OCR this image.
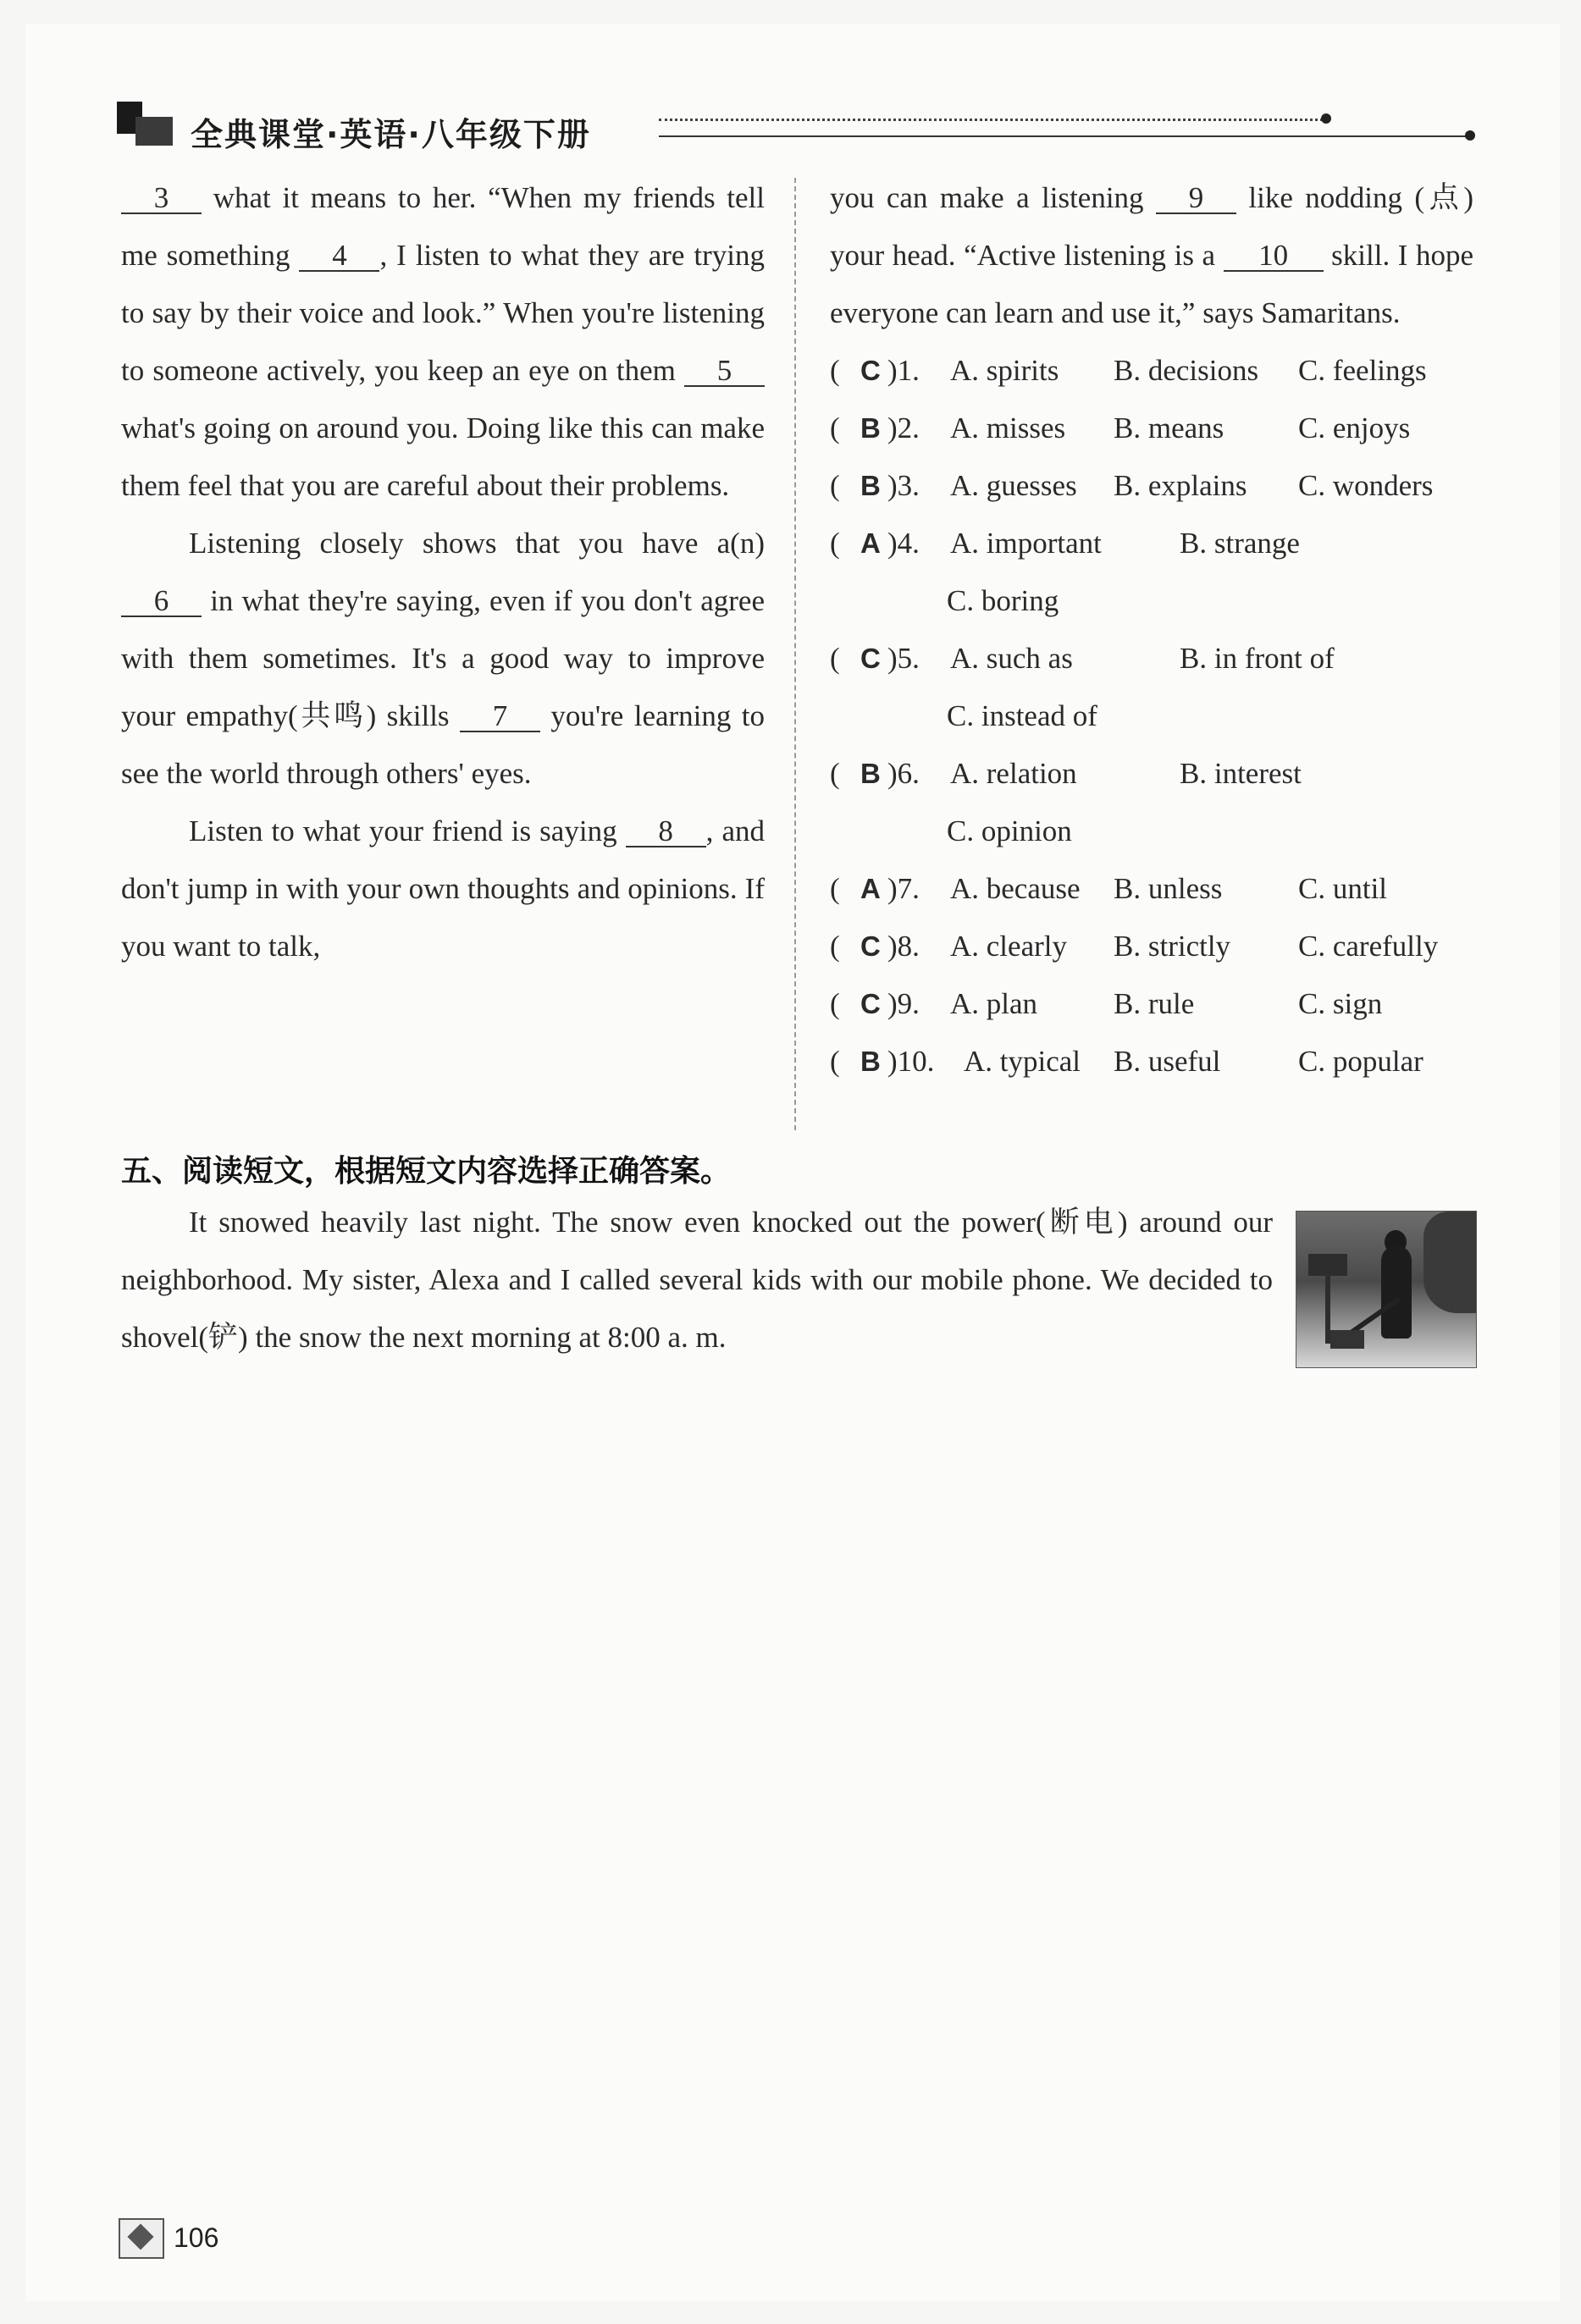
全典课堂·英语·八年级下册

3 what it means to her. “When my friends tell me something 4 , I listen to what they are trying to say by their voice and look.” When you're listening to someone actively, you keep an eye on them 5 what's going on around you. Doing like this can make them feel that you are careful about their problems.

Listening closely shows that you have a(n) 6 in what they're saying, even if you don't agree with them sometimes. It's a good way to improve your empathy(共鸣) skills 7 you're learning to see the world through others' eyes.

Listen to what your friend is saying 8 , and don't jump in with your own thoughts and opinions. If you want to talk,

you can make a listening 9 like nodding (点) your head. “Active listening is a 10 skill. I hope everyone can learn and use it,” says Samaritans.

( C )1. A. spirits B. decisions C. feelings
( B )2. A. misses B. means	C. enjoys
( B )3. A. guesses B. explains C. wonders
( A )4. A. important	B. strange
C. boring
( C )5. A. such as	B. in front of
C. instead of
( B )6. A. relation	B. interest
C. opinion
( A )7. A. because B. unless	C. until
( C )8. A. clearly B. strictly C. carefully
( C )9. A. plan	B. rule	C. sign
( B )10. A. typical B. useful	C. popular
五、阅读短文，根据短文内容选择正确答案。

It snowed heavily last night. The snow even knocked out the power(断电) around our neighborhood. My sister, Alexa and I called several kids with our mobile phone. We decided to shovel(铲) the snow the next morning at 8:00 a. m.

106
